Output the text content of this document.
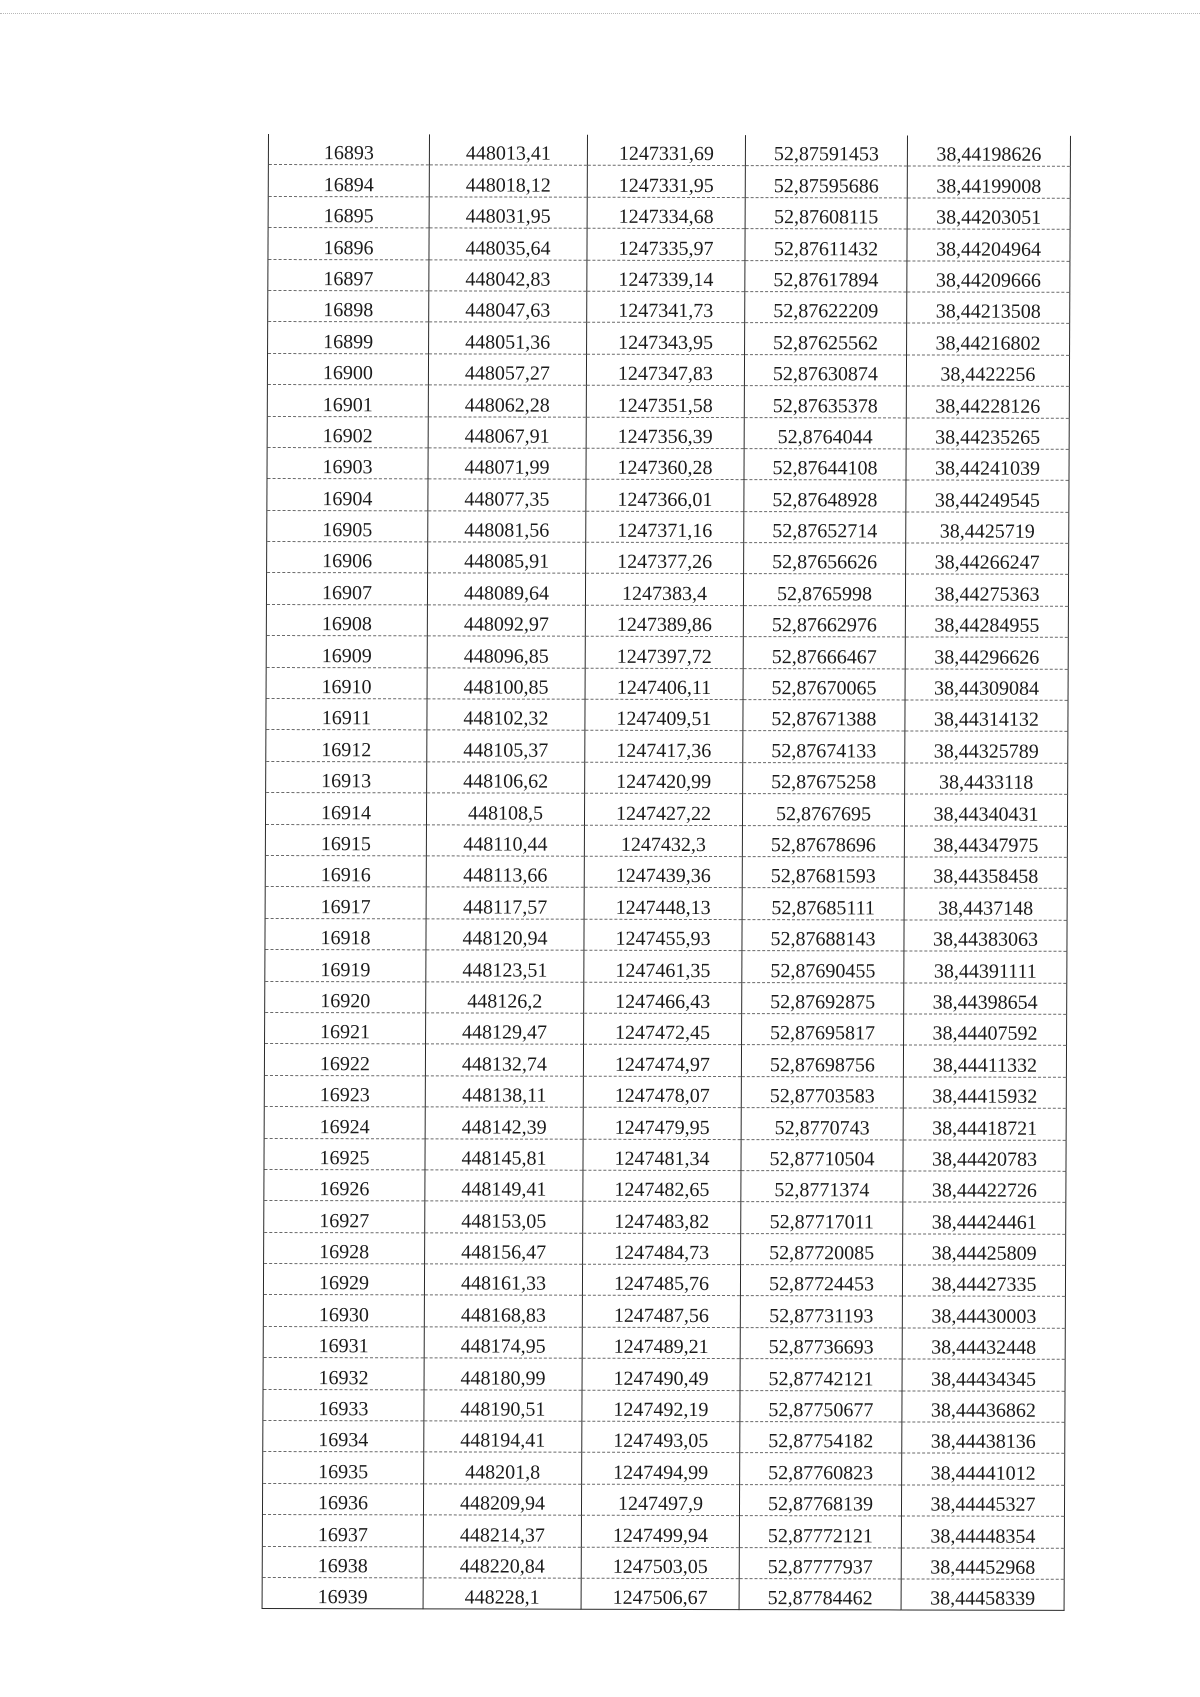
16893	448013,41	1247331,69	52,87591453	38,44198626
16894	448018,12	1247331,95	52,87595686	38,44199008
16895	448031,95	1247334,68	52,87608115	38,44203051
16896	448035,64	1247335,97	52,87611432	38,44204964
16897	448042,83	1247339,14	52,87617894	38,44209666
16898	448047,63	1247341,73	52,87622209	38,44213508
16899	448051,36	1247343,95	52,87625562	38,44216802
16900	448057,27	1247347,83	52,87630874	38,4422256
16901	448062,28	1247351,58	52,87635378	38,44228126
16902	448067,91	1247356,39	52,8764044	38,44235265
16903	448071,99	1247360,28	52,87644108	38,44241039
16904	448077,35	1247366,01	52,87648928	38,44249545
16905	448081,56	1247371,16	52,87652714	38,4425719
16906	448085,91	1247377,26	52,87656626	38,44266247
16907	448089,64	1247383,4	52,8765998	38,44275363
16908	448092,97	1247389,86	52,87662976	38,44284955
16909	448096,85	1247397,72	52,87666467	38,44296626
16910	448100,85	1247406,11	52,87670065	38,44309084
16911	448102,32	1247409,51	52,87671388	38,44314132
16912	448105,37	1247417,36	52,87674133	38,44325789
16913	448106,62	1247420,99	52,87675258	38,4433118
16914	448108,5	1247427,22	52,8767695	38,44340431
16915	448110,44	1247432,3	52,87678696	38,44347975
16916	448113,66	1247439,36	52,87681593	38,44358458
16917	448117,57	1247448,13	52,87685111	38,4437148
16918	448120,94	1247455,93	52,87688143	38,44383063
16919	448123,51	1247461,35	52,87690455	38,44391111
16920	448126,2	1247466,43	52,87692875	38,44398654
16921	448129,47	1247472,45	52,87695817	38,44407592
16922	448132,74	1247474,97	52,87698756	38,44411332
16923	448138,11	1247478,07	52,87703583	38,44415932
16924	448142,39	1247479,95	52,8770743	38,44418721
16925	448145,81	1247481,34	52,87710504	38,44420783
16926	448149,41	1247482,65	52,8771374	38,44422726
16927	448153,05	1247483,82	52,87717011	38,44424461
16928	448156,47	1247484,73	52,87720085	38,44425809
16929	448161,33	1247485,76	52,87724453	38,44427335
16930	448168,83	1247487,56	52,87731193	38,44430003
16931	448174,95	1247489,21	52,87736693	38,44432448
16932	448180,99	1247490,49	52,87742121	38,44434345
16933	448190,51	1247492,19	52,87750677	38,44436862
16934	448194,41	1247493,05	52,87754182	38,44438136
16935	448201,8	1247494,99	52,87760823	38,44441012
16936	448209,94	1247497,9	52,87768139	38,44445327
16937	448214,37	1247499,94	52,87772121	38,44448354
16938	448220,84	1247503,05	52,87777937	38,44452968
16939	448228,1	1247506,67	52,87784462	38,44458339
